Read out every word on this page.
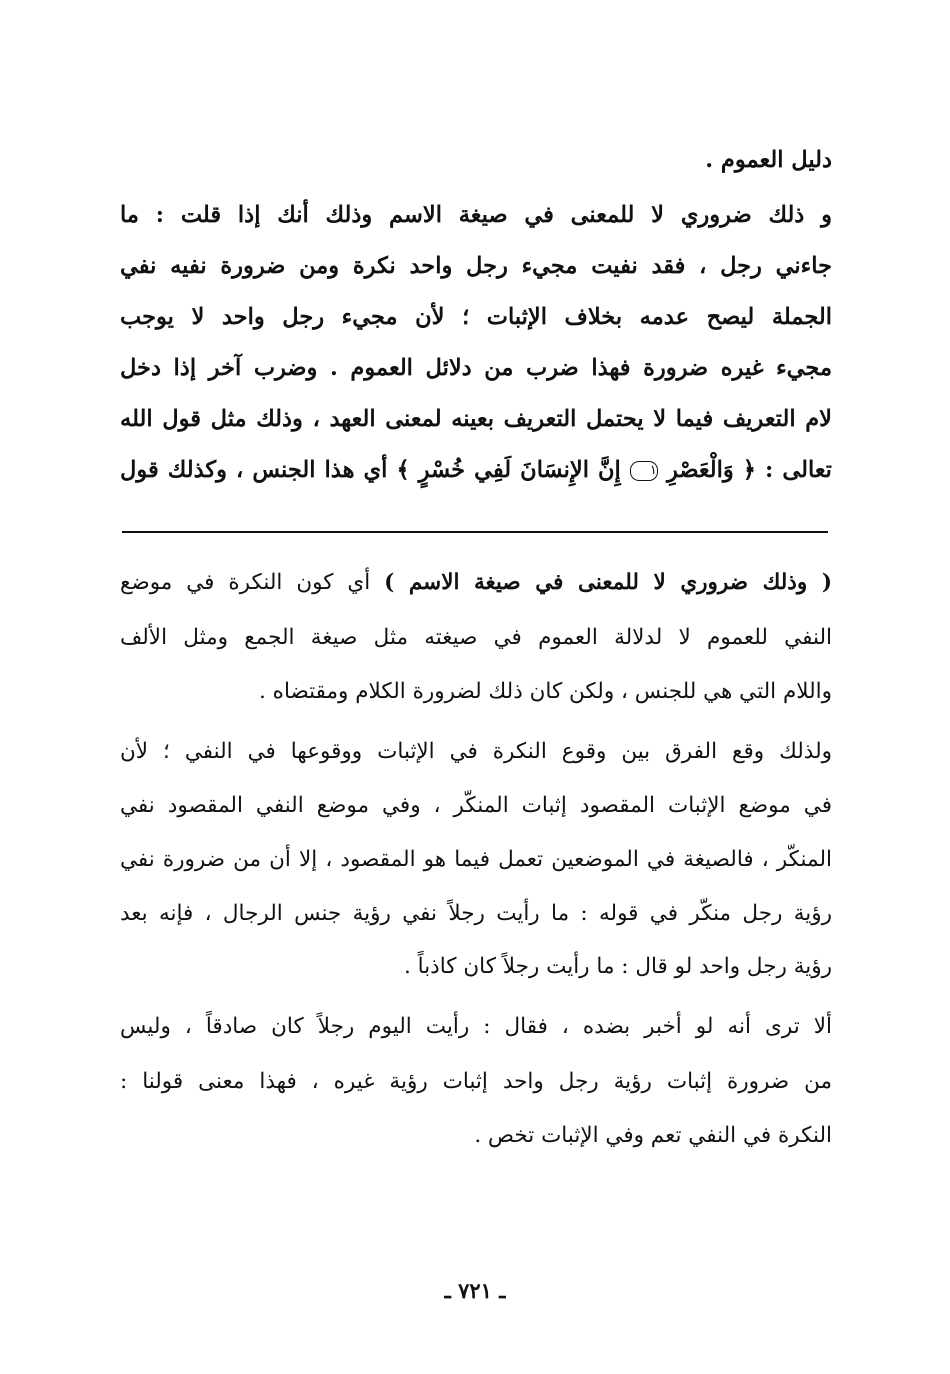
دليل العموم .
و ذلك ضروري لا للمعنى في صيغة الاسم وذلك أنك إذا قلت : ما
جاءني رجل ، فقد نفيت مجيء رجل واحد نكرة ومن ضرورة نفيه نفي
الجملة ليصح عدمه بخلاف الإثبات ؛ لأن مجيء رجل واحد لا يوجب
مجيء غيره ضرورة فهذا ضرب من دلائل العموم . وضرب آخر إذا دخل
لام التعريف فيما لا يحتمل التعريف بعينه لمعنى العهد ، وذلك مثل قول الله
تعالى : ﴿ وَالْعَصْرِ ١ إِنَّ الإِنسَانَ لَفِي خُسْرٍ ﴾ أي هذا الجنس ، وكذلك قول
( وذلك ضروري لا للمعنى في صيغة الاسم ) أي كون النكرة في موضع
النفي للعموم لا لدلالة العموم في صيغته مثل صيغة الجمع ومثل الألف
واللام التي هي للجنس ، ولكن كان ذلك لضرورة الكلام ومقتضاه .
ولذلك وقع الفرق بين وقوع النكرة في الإثبات ووقوعها في النفي ؛ لأن
في موضع الإثبات المقصود إثبات المنكّر ، وفي موضع النفي المقصود نفي
المنكّر ، فالصيغة في الموضعين تعمل فيما هو المقصود ، إلا أن من ضرورة نفي
رؤية رجل منكّر في قوله : ما رأيت رجلاً نفي رؤية جنس الرجال ، فإنه بعد
رؤية رجل واحد لو قال : ما رأيت رجلاً كان كاذباً .
ألا ترى أنه لو أخبر بضده ، فقال : رأيت اليوم رجلاً كان صادقاً ، وليس
من ضرورة إثبات رؤية رجل واحد إثبات رؤية غيره ، فهذا معنى قولنا :
النكرة في النفي تعم وفي الإثبات تخص .
ـ ٧٢١ ـ
